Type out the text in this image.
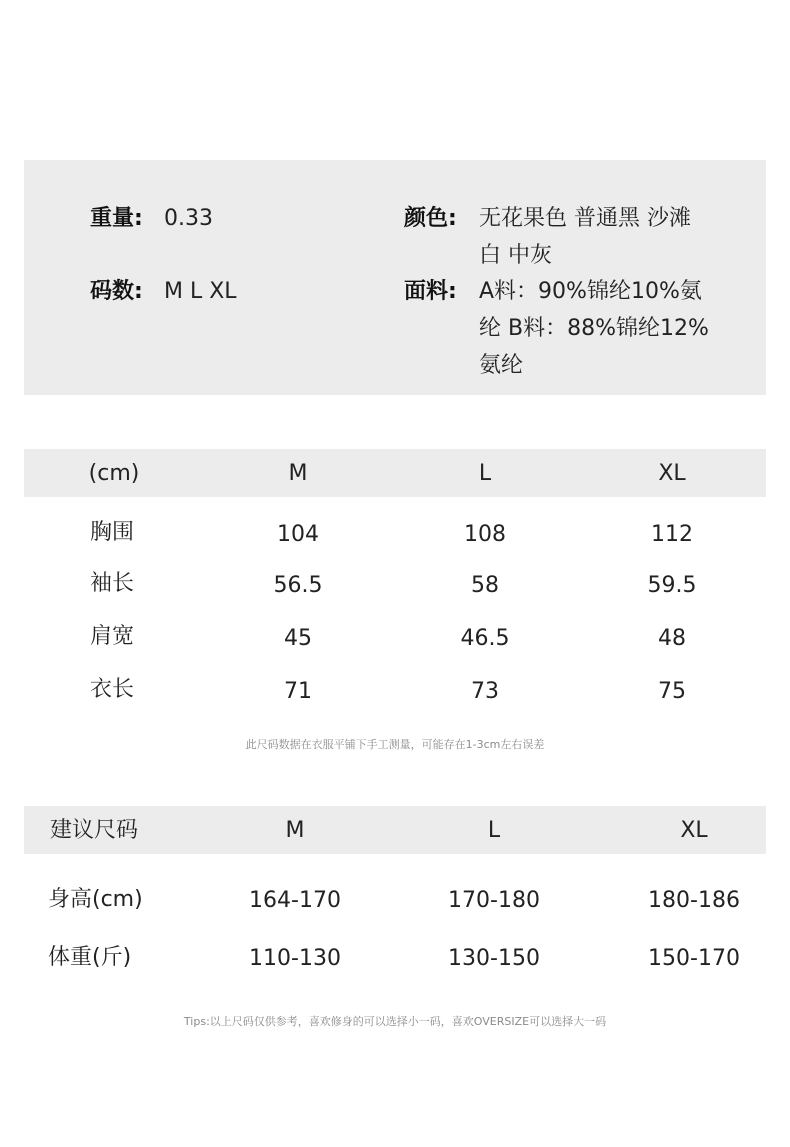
重量: 0.33
码数: M L XL
颜色: 无花果色 普通黑 沙滩白 中灰
面料: A料：90%锦纶10%氨纶 B料：88%锦纶12%氨纶
(cm)	M	L	XL
胸围	104	108	112
袖长	56.5	58	59.5
肩宽	45	46.5	48
衣长	71	73	75
此尺码数据在衣服平铺下手工测量，可能存在1-3cm左右误差
建议尺码	M	L	XL
身高(cm)	164-170	170-180	180-186
体重(斤)	110-130	130-150	150-170
Tips:以上尺码仅供参考，喜欢修身的可以选择小一码，喜欢OVERSIZE可以选择大一码
